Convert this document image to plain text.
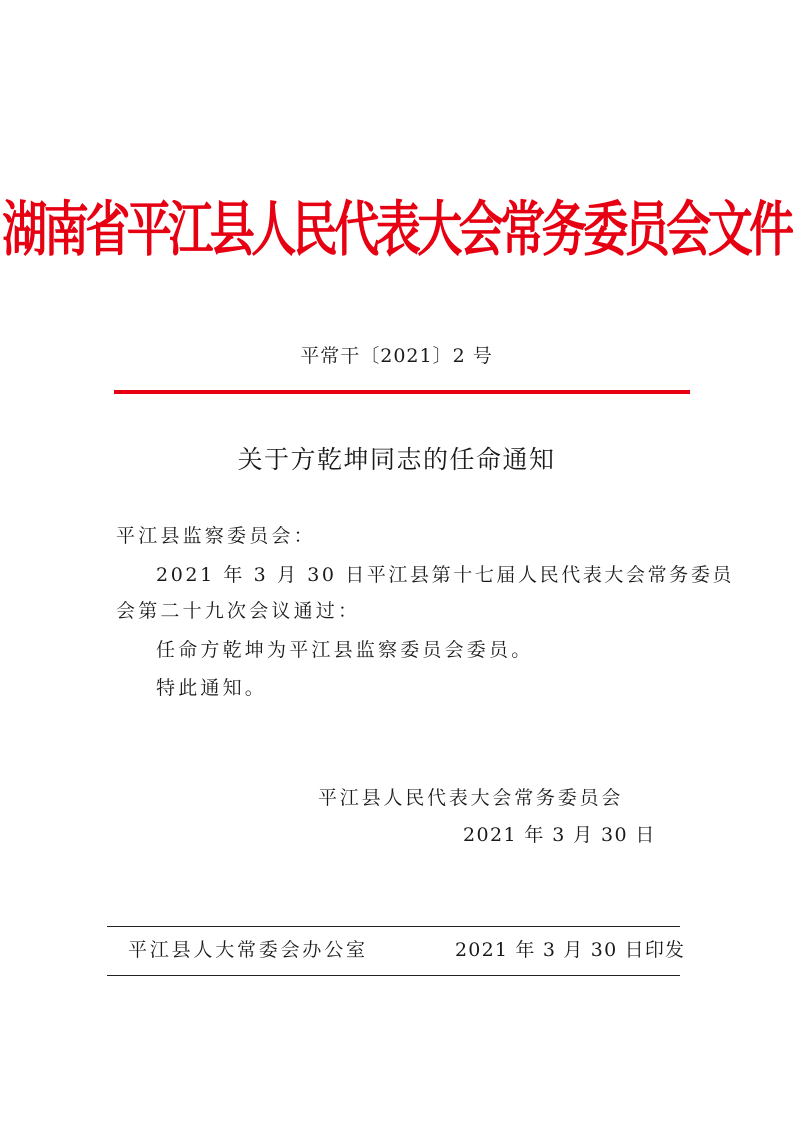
湖南省平江县人民代表大会常务委员会文件
平常干〔2021〕2 号
关于方乾坤同志的任命通知
平江县监察委员会：
2021 年 3 月 30 日平江县第十七届人民代表大会常务委员
会第二十九次会议通过：
任命方乾坤为平江县监察委员会委员。
特此通知。
平江县人民代表大会常务委员会
2021 年 3 月 30 日
平江县人大常委会办公室	2021 年 3 月 30 日印发
